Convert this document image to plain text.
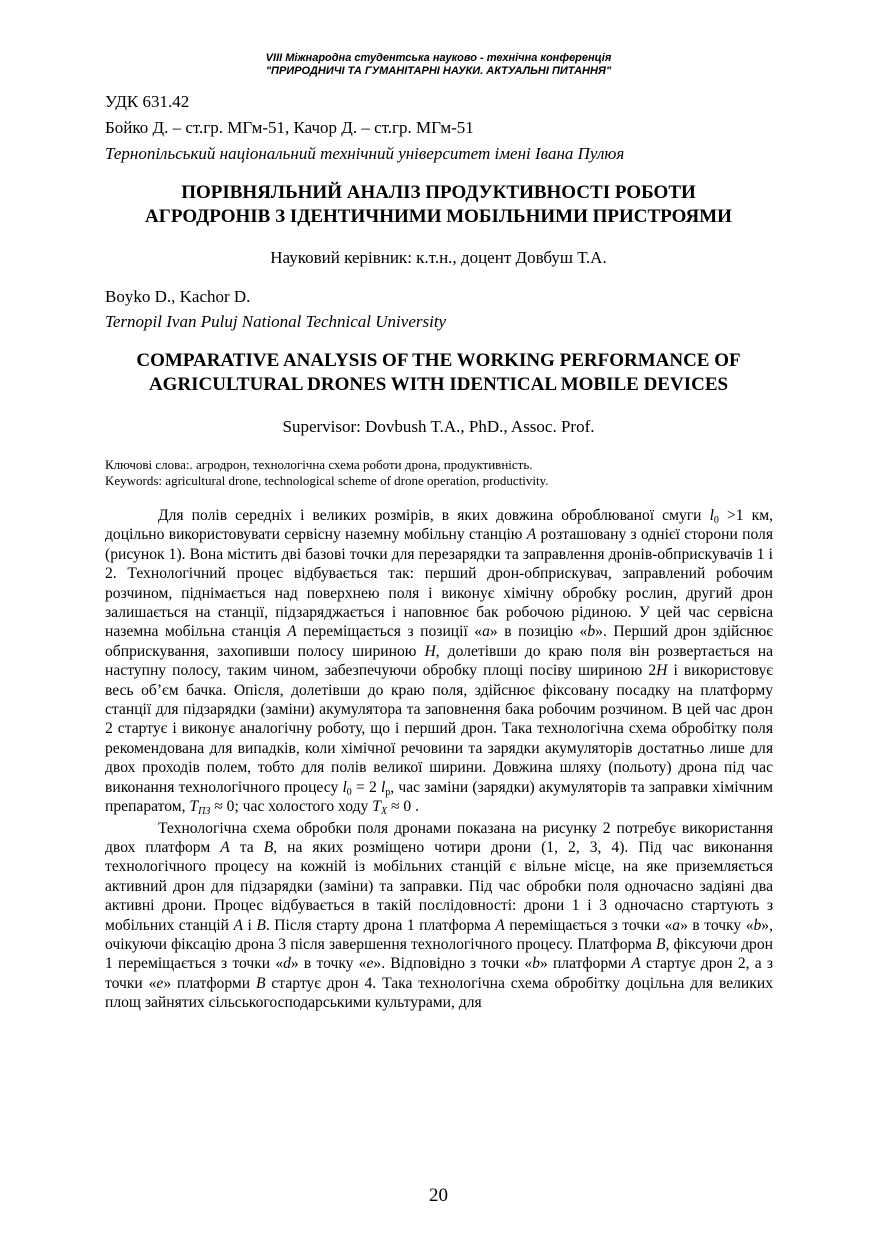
VIII Міжнародна студентська науково - технічна конференція
"ПРИРОДНИЧІ ТА ГУМАНІТАРНІ НАУКИ. АКТУАЛЬНІ ПИТАННЯ"
УДК 631.42
Бойко Д. – ст.гр. МГм-51, Качор Д. – ст.гр. МГм-51
Тернопільський національний технічний університет імені Івана Пулюя
ПОРІВНЯЛЬНИЙ АНАЛІЗ ПРОДУКТИВНОСТІ РОБОТИ
АГРОДРОНІВ З ІДЕНТИЧНИМИ МОБІЛЬНИМИ ПРИСТРОЯМИ
Науковий керівник: к.т.н., доцент Довбуш Т.А.
Boyko D., Kachor D.
Ternopil Ivan Puluj National Technical University
COMPARATIVE ANALYSIS OF THE WORKING PERFORMANCE OF
AGRICULTURAL DRONES WITH IDENTICAL MOBILE DEVICES
Supervisor: Dovbush T.A., PhD., Assoc. Prof.
Ключові слова:. агродрон, технологічна схема роботи дрона, продуктивність.
Keywords: agricultural drone, technological scheme of drone operation, productivity.

Для полів середніх і великих розмірів, в яких довжина оброблюваної смуги $l_0 >1$ км, доцільно використовувати сервісну наземну мобільну станцію A розташовану з однієї сторони поля (рисунок 1). Вона містить дві базові точки для перезарядки та заправлення дронів-обприскувачів 1 і 2. Технологічний процес відбувається так: перший дрон-обприскувач, заправлений робочим розчином, піднімається над поверхнею поля і виконує хімічну обробку рослин, другий дрон залишається на станції, підзаряджається і наповнює бак робочою рідиною. У цей час сервісна наземна мобільна станція A переміщається з позиції «a» в позицію «b». Перший дрон здійснює обприскування, захопивши полосу шириною H, долетівши до краю поля він розвертається на наступну полосу, таким чином, забезпечуючи обробку площі посіву шириною 2H і використовує весь об’єм бачка. Опісля, долетівши до краю поля, здійснює фіксовану посадку на платформу станції для підзарядки (заміни) акумулятора та заповнення бака робочим розчином. В цей час дрон 2 стартує і виконує аналогічну роботу, що і перший дрон. Така технологічна схема обробітку поля рекомендована для випадків, коли хімічної речовини та зарядки акумуляторів достатньо лише для двох проходів полем, тобто для полів великої ширини. Довжина шляху (польоту) дрона під час виконання технологічного процесу $l_0 = 2$ $l_p$, час заміни (зарядки) акумуляторів та заправки хімічним препаратом, $T_{ПЗ} \approx 0$; час холостого ходу $T_X \approx 0$ .

Технологічна схема обробки поля дронами показана на рисунку 2 потребує використання двох платформ A та B, на яких розміщено чотири дрони (1, 2, 3, 4). Під час виконання технологічного процесу на кожній із мобільних станцій є вільне місце, на яке приземляється активний дрон для підзарядки (заміни) та заправки. Під час обробки поля одночасно задіяні два активні дрони. Процес відбувається в такій послідовності: дрони 1 і 3 одночасно стартують з мобільних станцій A і B. Після старту дрона 1 платформа A переміщається з точки «a» в точку «b», очікуючи фіксацію дрона 3 після завершення технологічного процесу. Платформа B, фіксуючи дрон 1 переміщається з точки «d» в точку «e». Відповідно з точки «b» платформи A стартує дрон 2, а з точки «e» платформи B стартує дрон 4. Така технологічна схема обробітку доцільна для великих площ зайнятих сільськогосподарськими культурами, для

20
